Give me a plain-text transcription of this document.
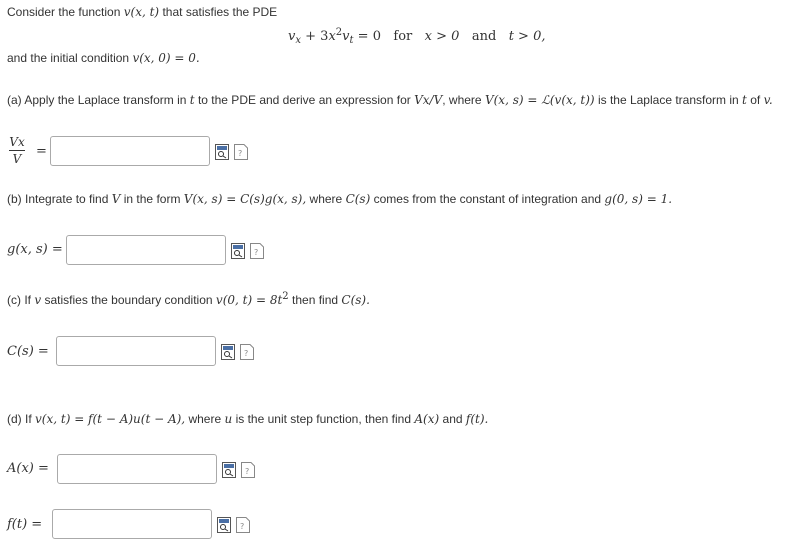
Consider the function v(x, t) that satisfies the PDE
$v_x + 3x^2v_t = 0$ for x > 0 and t > 0,
and the initial condition v(x, 0) = 0.
(a) Apply the Laplace transform in t to the PDE and derive an expression for Vx/V, where V(x, s) = ℒ(v(x, t)) is the Laplace transform in t of v.
Vx
V =	?
(b) Integrate to find V in the form V(x, s) = C(s)g(x, s), where C(s) comes from the constant of integration and g(0, s) = 1.
g(x, s) =	?
(c) If v satisfies the boundary condition v(0, $t) = 8t^2$ then find C(s).
C(s) =	?
(d) If v(x, t) = f(t − A)u(t − A), where u is the unit step function, then find A(x) and f(t).
A(x) =	?
f(t) =	?
